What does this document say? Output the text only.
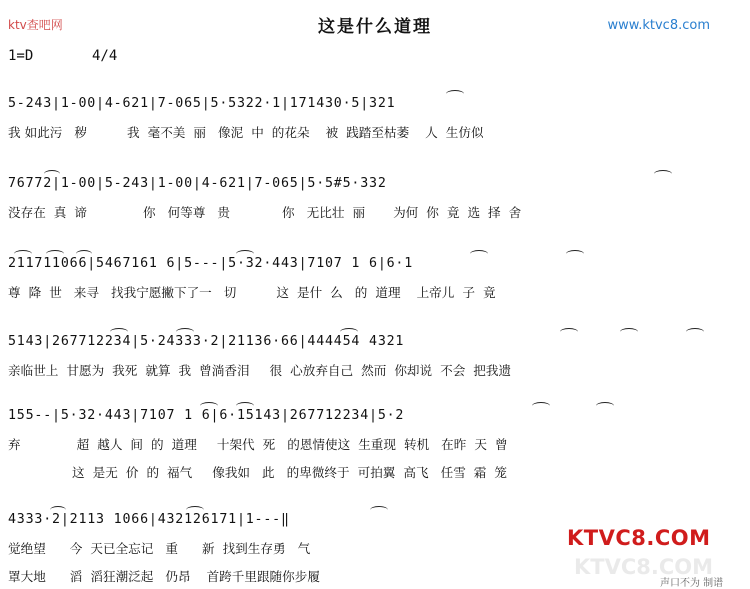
ktv查吧网	这是什么道理	www.ktvc8.com
1=D	4/4
5-243|1-00|4-621|7-065|5·5322·1|171430·5|321
我 如此污   秽          我  毫不美  丽   像泥  中  的花朵    被  践踏至枯萎    人  生仿似
76772|1-00|5-243|1-00|4-621|7-065|5·5#5·332
没存在  真  谛              你   何等尊   贵             你   无比壮  丽       为何  你  竟  选  择  舍
211711066|5467161 6|5---|5·32·443|7107 1 6|6·1
尊  降  世   来寻   找我宁愿撇下了一   切          这  是什  么   的  道理    上帝儿  子  竟
5143|267712234|5·24333·2|21136·66|444454 4321
亲临世上  甘愿为  我死  就算  我  曾淌香泪     很  心放弃自己  然而  你却说  不会  把我遗
155--|5·32·443|7107 1 6|6·15143|267712234|5·2
弃              超  越人  间  的  道理     十架代  死   的恩情使这  生重现  转机   在昨  天  曾
这  是无  价  的  福气     像我如   此   的卑微终于  可拍翼  高飞   任雪  霜  笼
4333·2|2113 1066|432126171|1---‖
觉绝望      今  天已全忘记   重      新  找到生存勇   气
罩大地      滔  滔狂潮泛起   仍昂    首跨千里跟随你步履	KTVC8.COM
KTVC8.COM
声口不为 制谱
